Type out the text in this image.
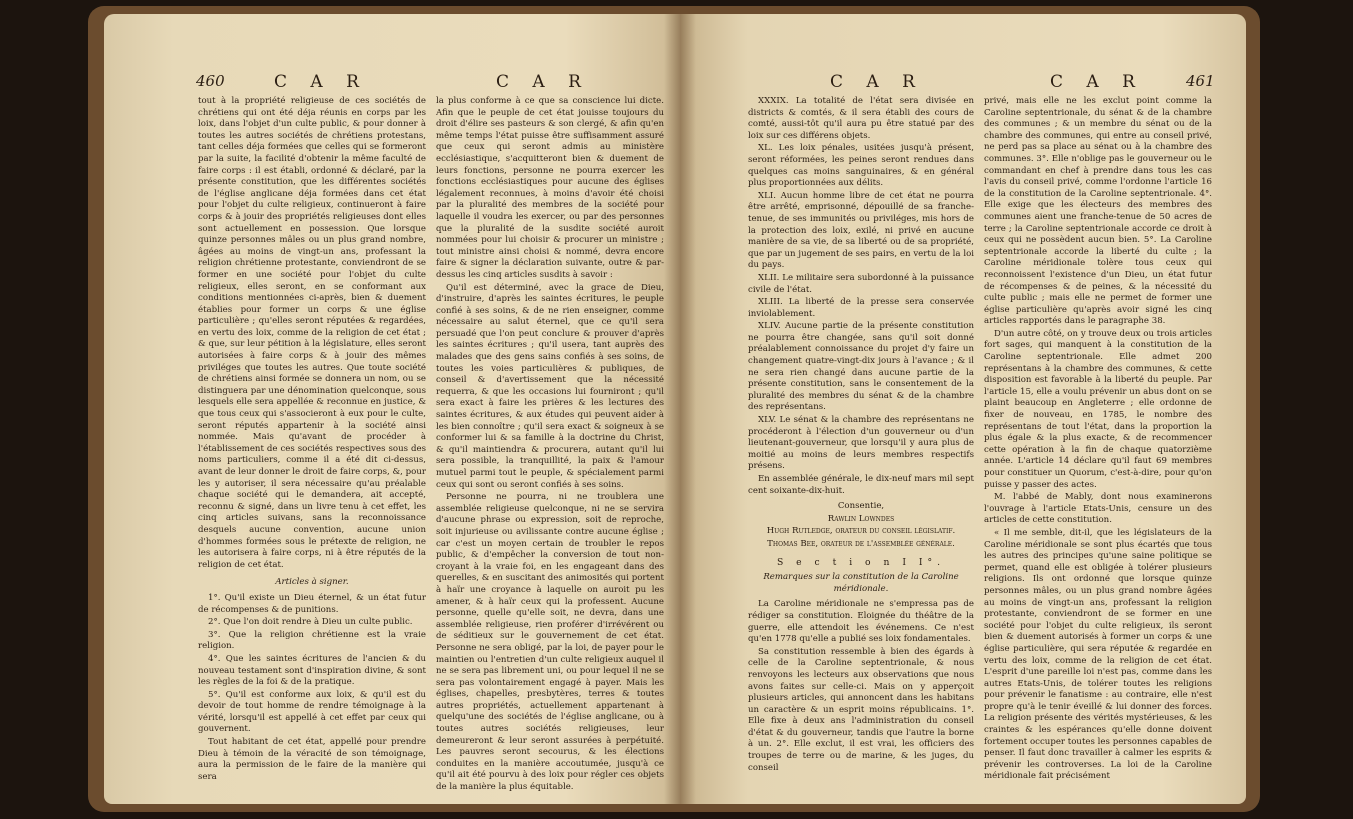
460	C A R	C A R

tout à la propriété religieuse de ces sociétés de chrétiens qui ont été déja réunis en corps par les loix, dans l'objet d'un culte public, & pour donner à toutes les autres sociétés de chrétiens protestans, tant celles déja formées que celles qui se formeront par la suite, la facilité d'obtenir la même faculté de faire corps : il est établi, ordonné & déclaré, par la présente constitution, que les différentes sociétés de l'église anglicane déja formées dans cet état pour l'objet du culte religieux, continueront à faire corps & à jouir des propriétés religieuses dont elles sont actuellement en possession. Que lorsque quinze personnes mâles ou un plus grand nombre, âgées au moins de vingt-un ans, professant la religion chrétienne protestante, conviendront de se former en une société pour l'objet du culte religieux, elles seront, en se conformant aux conditions mentionnées ci-après, bien & duement établies pour former un corps & une église particulière ; qu'elles seront réputées & regardées, en vertu des loix, comme de la religion de cet état ; & que, sur leur pétition à la législature, elles seront autorisées à faire corps & à jouir des mêmes priviléges que toutes les autres. Que toute société de chrétiens ainsi formée se donnera un nom, ou se distinguera par une dénomination quelconque, sous lesquels elle sera appellée & reconnue en justice, & que tous ceux qui s'associeront à eux pour le culte, seront réputés appartenir à la société ainsi nommée. Mais qu'avant de procéder à l'établissement de ces sociétés respectives sous des noms particuliers, comme il a été dit ci-dessus, avant de leur donner le droit de faire corps, &, pour les y autoriser, il sera nécessaire qu'au préalable chaque société qui le demandera, ait accepté, reconnu & signé, dans un livre tenu à cet effet, les cinq articles suivans, sans la reconnoissance desquels aucune convention, aucune union d'hommes formées sous le prétexte de religion, ne les autorisera à faire corps, ni à être réputés de la religion de cet état.

Articles à signer.

1°. Qu'il existe un Dieu éternel, & un état futur de récompenses & de punitions.

2°. Que l'on doit rendre à Dieu un culte public.

3°. Que la religion chrétienne est la vraie religion.

4°. Que les saintes écritures de l'ancien & du nouveau testament sont d'inspiration divine, & sont les règles de la foi & de la pratique.

5°. Qu'il est conforme aux loix, & qu'il est du devoir de tout homme de rendre témoignage à la vérité, lorsqu'il est appellé à cet effet par ceux qui gouvernent.

Tout habitant de cet état, appellé pour prendre Dieu à témoin de la véracité de son témoignage, aura la permission de le faire de la manière qui sera

la plus conforme à ce que sa conscience lui dicte. Afin que le peuple de cet état jouisse toujours du droit d'élire ses pasteurs & son clergé, & afin qu'en même temps l'état puisse être suffisamment assuré que ceux qui seront admis au ministère ecclésiastique, s'acquitteront bien & duement de leurs fonctions, personne ne pourra exercer les fonctions ecclésiastiques pour aucune des églises légalement reconnues, à moins d'avoir été choisi par la pluralité des membres de la société pour laquelle il voudra les exercer, ou par des personnes que la pluralité de la susdite société auroit nommées pour lui choisir & procurer un ministre ; tout ministre ainsi choisi & nommé, devra encore faire & signer la déclaration suivante, outre & par-dessus les cinq articles susdits à savoir :

Qu'il est déterminé, avec la grace de Dieu, d'instruire, d'après les saintes écritures, le peuple confié à ses soins, & de ne rien enseigner, comme nécessaire au salut éternel, que ce qu'il sera persuadé que l'on peut conclure & prouver d'après les saintes écritures ; qu'il usera, tant auprès des malades que des gens sains confiés à ses soins, de toutes les voies particulières & publiques, de conseil & d'avertissement que la nécessité requerra, & que les occasions lui fourniront ; qu'il sera exact à faire les prières & les lectures des saintes écritures, & aux études qui peuvent aider à les bien connoître ; qu'il sera exact & soigneux à se conformer lui & sa famille à la doctrine du Christ, & qu'il maintiendra & procurera, autant qu'il lui sera possible, la tranquillité, la paix & l'amour mutuel parmi tout le peuple, & spécialement parmi ceux qui sont ou seront confiés à ses soins.

Personne ne pourra, ni ne troublera une assemblée religieuse quelconque, ni ne se servira d'aucune phrase ou expression, soit de reproche, soit injurieuse ou avilissante contre aucune église ; car c'est un moyen certain de troubler le repos public, & d'empêcher la conversion de tout non-croyant à la vraie foi, en les engageant dans des querelles, & en suscitant des animosités qui portent à haïr une croyance à laquelle on auroit pu les amener, & à haïr ceux qui la professent. Aucune personne, quelle qu'elle soit, ne devra, dans une assemblée religieuse, rien proférer d'irrévérent ou de séditieux sur le gouvernement de cet état. Personne ne sera obligé, par la loi, de payer pour le maintien ou l'entretien d'un culte religieux auquel il ne se sera pas librement uni, ou pour lequel il ne se sera pas volontairement engagé à payer. Mais les églises, chapelles, presbytères, terres & toutes autres propriétés, actuellement appartenant à quelqu'une des sociétés de l'église anglicane, ou à toutes autres sociétés religieuses, leur demeureront & leur seront assurées à perpétuité. Les pauvres seront secourus, & les élections conduites en la manière accoutumée, jusqu'à ce qu'il ait été pourvu à des loix pour régler ces objets de la manière la plus équitable.

C A R	C A R	461

XXXIX. La totalité de l'état sera divisée en districts & comtés, & il sera établi des cours de comté, aussi-tôt qu'il aura pu être statué par des loix sur ces différens objets.

XL. Les loix pénales, usitées jusqu'à présent, seront réformées, les peines seront rendues dans quelques cas moins sanguinaires, & en général plus proportionnées aux délits.

XLI. Aucun homme libre de cet état ne pourra être arrêté, emprisonné, dépouillé de sa franche-tenue, de ses immunités ou priviléges, mis hors de la protection des loix, exilé, ni privé en aucune manière de sa vie, de sa liberté ou de sa propriété, que par un jugement de ses pairs, en vertu de la loi du pays.

XLII. Le militaire sera subordonné à la puissance civile de l'état.

XLIII. La liberté de la presse sera conservée inviolablement.

XLIV. Aucune partie de la présente constitution ne pourra être changée, sans qu'il soit donné préalablement connoissance du projet d'y faire un changement quatre-vingt-dix jours à l'avance ; & il ne sera rien changé dans aucune partie de la présente constitution, sans le consentement de la pluralité des membres du sénat & de la chambre des représentans.

XLV. Le sénat & la chambre des représentans ne procéderont à l'élection d'un gouverneur ou d'un lieutenant-gouverneur, que lorsqu'il y aura plus de moitié au moins de leurs membres respectifs présens.

En assemblée générale, le dix-neuf mars mil sept cent soixante-dix-huit.

Consentie,

Rawlin Lowndes

Hugh Rutledge, orateur du conseil législatif.

Thomas Bee, orateur de l'assemblée générale.

S e c t i o n I I°.

Remarques sur la constitution de la Caroline méridionale.

La Caroline méridionale ne s'empressa pas de rédiger sa constitution. Eloignée du théâtre de la guerre, elle attendoit les événemens. Ce n'est qu'en 1778 qu'elle a publié ses loix fondamentales.

Sa constitution ressemble à bien des égards à celle de la Caroline septentrionale, & nous renvoyons les lecteurs aux observations que nous avons faites sur celle-ci. Mais on y apperçoit plusieurs articles, qui annoncent dans les habitans un caractère & un esprit moins républicains. 1°. Elle fixe à deux ans l'administration du conseil d'état & du gouverneur, tandis que l'autre la borne à un. 2°. Elle exclut, il est vrai, les officiers des troupes de terre ou de marine, & les juges, du conseil

privé, mais elle ne les exclut point comme la Caroline septentrionale, du sénat & de la chambre des communes ; & un membre du sénat ou de la chambre des communes, qui entre au conseil privé, ne perd pas sa place au sénat ou à la chambre des communes. 3°. Elle n'oblige pas le gouverneur ou le commandant en chef à prendre dans tous les cas l'avis du conseil privé, comme l'ordonne l'article 16 de la constitution de la Caroline septentrionale. 4°. Elle exige que les électeurs des membres des communes aient une franche-tenue de 50 acres de terre ; la Caroline septentrionale accorde ce droit à ceux qui ne possèdent aucun bien. 5°. La Caroline septentrionale accorde la liberté du culte ; la Caroline méridionale tolère tous ceux qui reconnoissent l'existence d'un Dieu, un état futur de récompenses & de peines, & la nécessité du culte public ; mais elle ne permet de former une église particulière qu'après avoir signé les cinq articles rapportés dans le paragraphe 38.

D'un autre côté, on y trouve deux ou trois articles fort sages, qui manquent à la constitution de la Caroline septentrionale. Elle admet 200 représentans à la chambre des communes, & cette disposition est favorable à la liberté du peuple. Par l'article 15, elle a voulu prévenir un abus dont on se plaint beaucoup en Angleterre ; elle ordonne de fixer de nouveau, en 1785, le nombre des représentans de tout l'état, dans la proportion la plus égale & la plus exacte, & de recommencer cette opération à la fin de chaque quatorzième année. L'article 14 déclare qu'il faut 69 membres pour constituer un Quorum, c'est-à-dire, pour qu'on puisse y passer des actes.

M. l'abbé de Mably, dont nous examinerons l'ouvrage à l'article Etats-Unis, censure un des articles de cette constitution.

« Il me semble, dit-il, que les législateurs de la Caroline méridionale se sont plus écartés que tous les autres des principes qu'une saine politique se permet, quand elle est obligée à tolérer plusieurs religions. Ils ont ordonné que lorsque quinze personnes mâles, ou un plus grand nombre âgées au moins de vingt-un ans, professant la religion protestante, conviendront de se former en une société pour l'objet du culte religieux, ils seront bien & duement autorisés à former un corps & une église particulière, qui sera réputée & regardée en vertu des loix, comme de la religion de cet état. L'esprit d'une pareille loi n'est pas, comme dans les autres Etats-Unis, de tolérer toutes les religions pour prévenir le fanatisme : au contraire, elle n'est propre qu'à le tenir éveillé & lui donner des forces. La religion présente des vérités mystérieuses, & les craintes & les espérances qu'elle donne doivent fortement occuper toutes les personnes capables de penser. Il faut donc travailler à calmer les esprits & prévenir les controverses. La loi de la Caroline méridionale fait précisément
